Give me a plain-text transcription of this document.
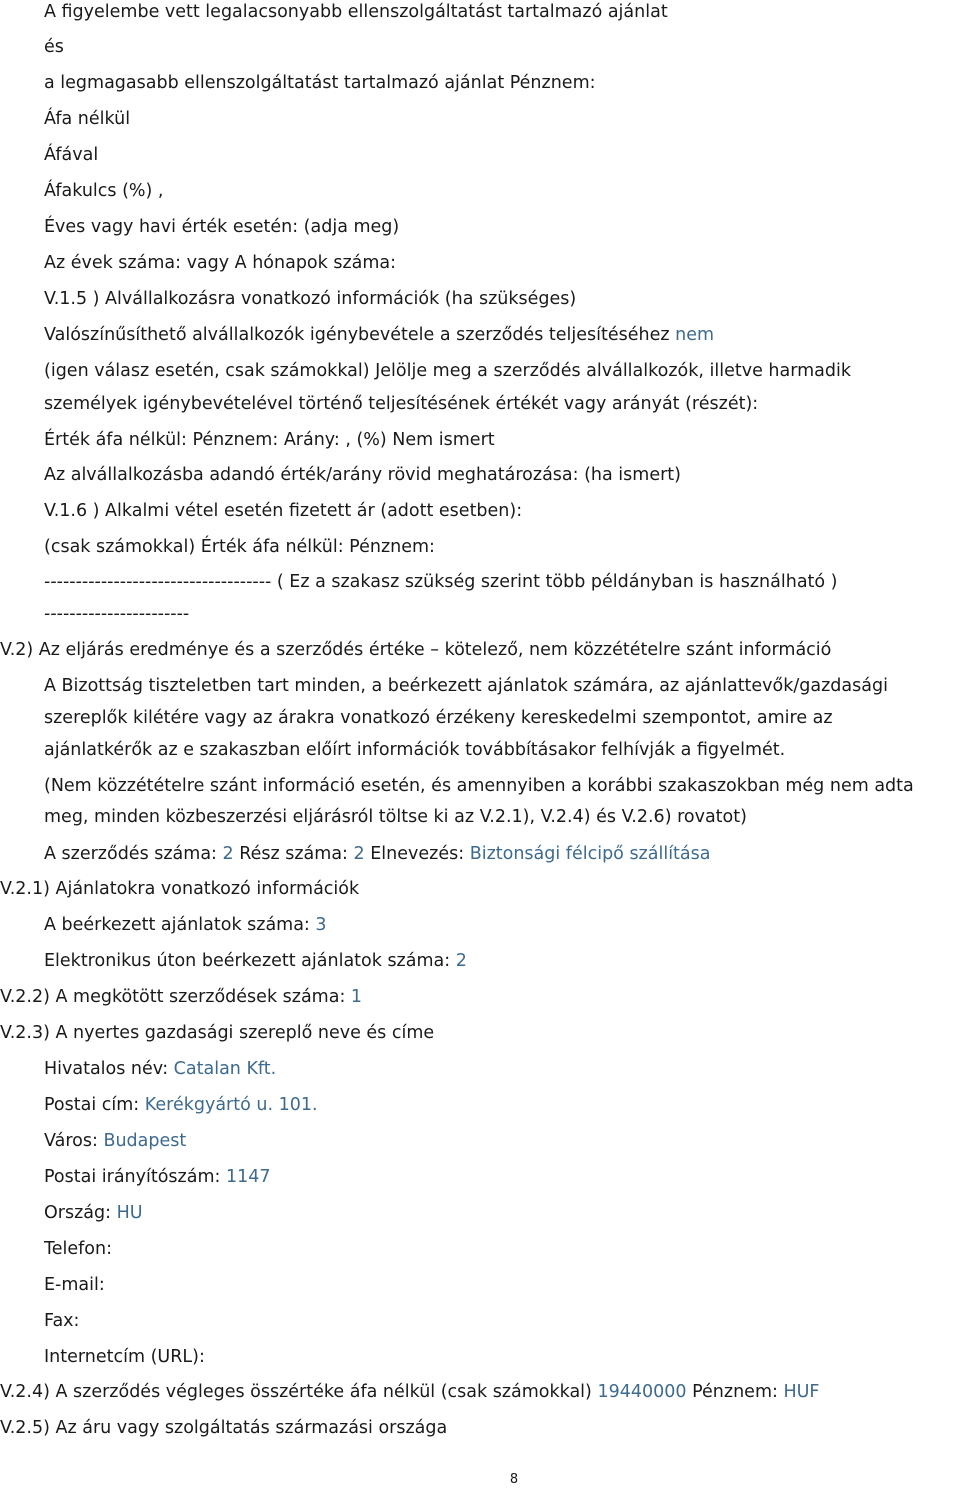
A figyelembe vett legalacsonyabb ellenszolgáltatást tartalmazó ajánlat
és
a legmagasabb ellenszolgáltatást tartalmazó ajánlat Pénznem:
Áfa nélkül
Áfával
Áfakulcs (%) ,
Éves vagy havi érték esetén: (adja meg)
Az évek száma: vagy A hónapok száma:
V.1.5 ) Alvállalkozásra vonatkozó információk (ha szükséges)
Valószínűsíthető alvállalkozók igénybevétele a szerződés teljesítéséhez nem
(igen válasz esetén, csak számokkal) Jelölje meg a szerződés alvállalkozók, illetve harmadik
személyek igénybevételével történő teljesítésének értékét vagy arányát (részét):
Érték áfa nélkül: Pénznem: Arány: , (%) Nem ismert
Az alvállalkozásba adandó érték/arány rövid meghatározása: (ha ismert)
V.1.6 ) Alkalmi vétel esetén fizetett ár (adott esetben):
(csak számokkal) Érték áfa nélkül: Pénznem:
------------------------------------ ( Ez a szakasz szükség szerint több példányban is használható )
-----------------------
V.2) Az eljárás eredménye és a szerződés értéke – kötelező, nem közzétételre szánt információ
A Bizottság tiszteletben tart minden, a beérkezett ajánlatok számára, az ajánlattevők/gazdasági
szereplők kilétére vagy az árakra vonatkozó érzékeny kereskedelmi szempontot, amire az
ajánlatkérők az e szakaszban előírt információk továbbításakor felhívják a figyelmét.
(Nem közzétételre szánt információ esetén, és amennyiben a korábbi szakaszokban még nem adta
meg, minden közbeszerzési eljárásról töltse ki az V.2.1), V.2.4) és V.2.6) rovatot)
A szerződés száma: 2 Rész száma: 2 Elnevezés: Biztonsági félcipő szállítása
V.2.1) Ajánlatokra vonatkozó információk
A beérkezett ajánlatok száma: 3
Elektronikus úton beérkezett ajánlatok száma: 2
V.2.2) A megkötött szerződések száma: 1
V.2.3) A nyertes gazdasági szereplő neve és címe
Hivatalos név: Catalan Kft.
Postai cím: Kerékgyártó u. 101.
Város: Budapest
Postai irányítószám: 1147
Ország: HU
Telefon:
E-mail:
Fax:
Internetcím (URL):
V.2.4) A szerződés végleges összértéke áfa nélkül (csak számokkal) 19440000 Pénznem: HUF
V.2.5) Az áru vagy szolgáltatás származási országa
8
